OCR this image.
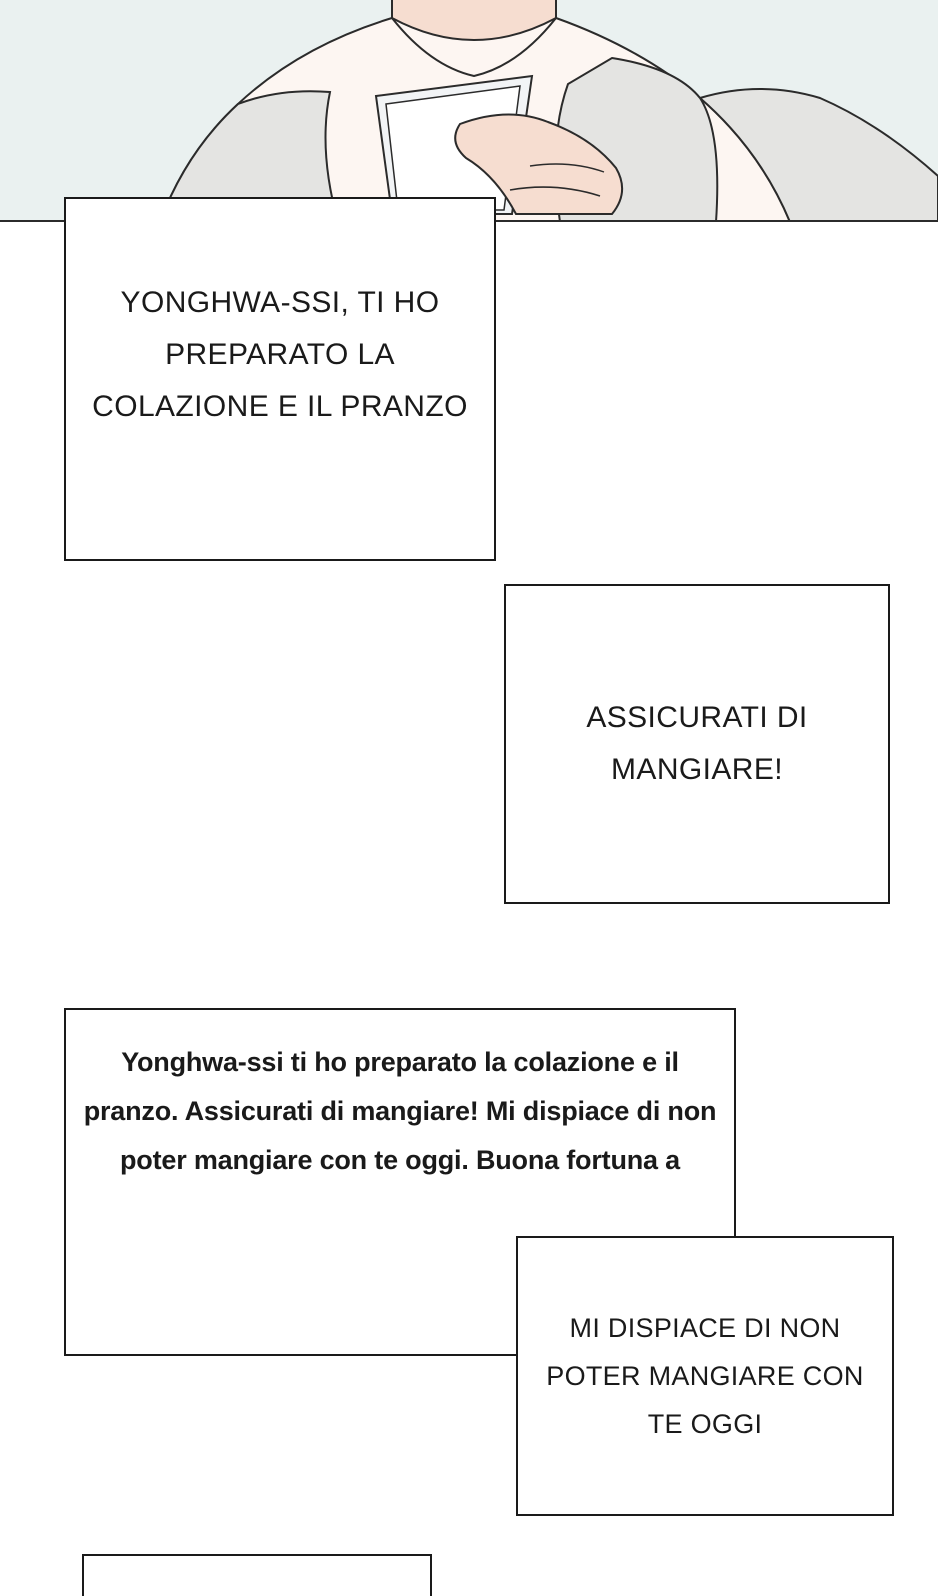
YONGHWA-SSI, TI HO PREPARATO LA COLAZIONE E IL PRANZO
ASSICURATI DI MANGIARE!
Yonghwa-ssi ti ho preparato la colazione e il pranzo. Assicurati di mangiare! Mi dispiace di non poter mangiare con te oggi. Buona fortuna a
MI DISPIACE DI NON POTER MANGIARE CON TE OGGI
